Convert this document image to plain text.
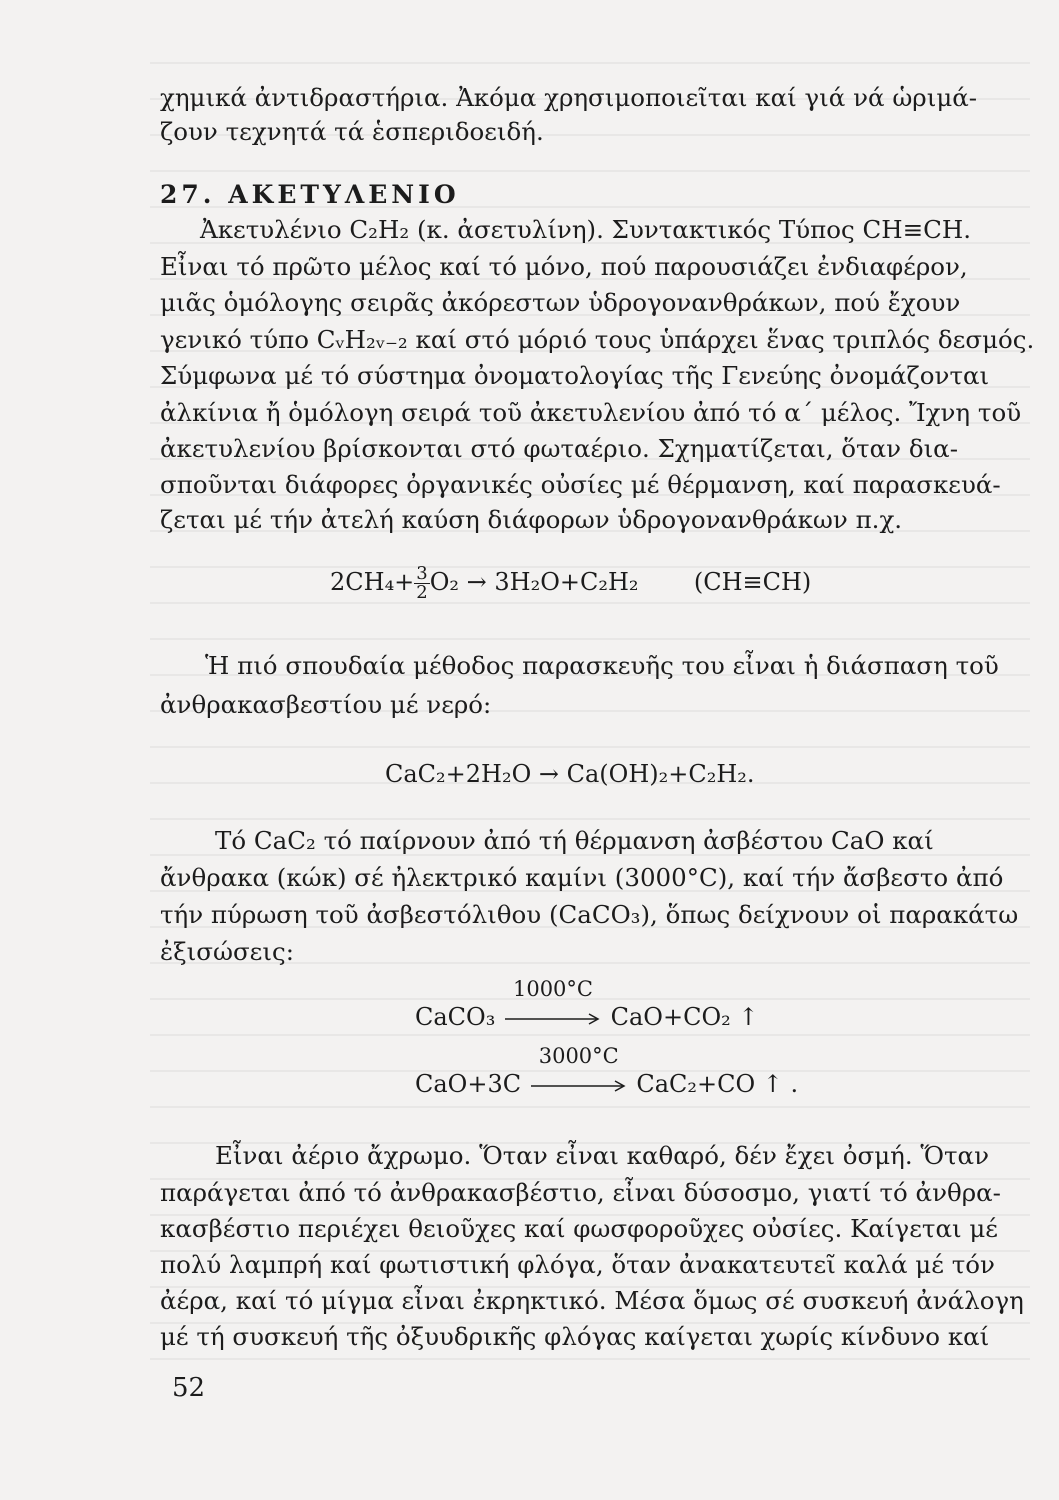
χημικά ἀντιδραστήρια. Ἀκόμα χρησιμοποιεῖται καί γιά νά ὡριμά-
ζουν τεχνητά τά ἑσπεριδοειδή.
27. ΑΚΕΤΥΛΕΝΙΟ
Ἀκετυλένιο C₂H₂ (κ. ἀσετυλίνη). Συντακτικός Τύπος CH≡CH.
Εἶναι τό πρῶτο μέλος καί τό μόνο, πού παρουσιάζει ἐνδιαφέρον,
μιᾶς ὁμόλογης σειρᾶς ἀκόρεστων ὑδρογονανθράκων, πού ἔχουν
γενικό τύπο CᵥH₂ᵥ₋₂ καί στό μόριό τους ὑπάρχει ἕνας τριπλός δεσμός.
Σύμφωνα μέ τό σύστημα ὀνοματολογίας τῆς Γενεύης ὀνομάζονται
ἀλκίνια ἤ ὁμόλογη σειρά τοῦ ἀκετυλενίου ἀπό τό α΄ μέλος. Ἴχνη τοῦ
ἀκετυλενίου βρίσκονται στό φωταέριο. Σχηματίζεται, ὅταν δια-
σποῦνται διάφορες ὀργανικές οὐσίες μέ θέρμανση, καί παρασκευά-
ζεται μέ τήν ἀτελή καύση διάφορων ὑδρογονανθράκων π.χ.
$2CH_4+ \frac{3}{2} O_2 \to 3H_2O+C_2H_2$ (CH≡CH)
Ἡ πιό σπουδαία μέθοδος παρασκευῆς του εἶναι ἡ διάσπαση τοῦ
ἀνθρακασβεστίου μέ νερό:
CaC₂+2H₂O → Ca(OH)₂+C₂H₂.
Τό CaC₂ τό παίρνουν ἀπό τή θέρμανση ἀσβέστου CaO καί
ἄνθρακα (κώκ) σέ ἠλεκτρικό καμίνι (3000°C), καί τήν ἄσβεστο ἀπό
τήν πύρωση τοῦ ἀσβεστόλιθου (CaCO₃), ὅπως δείχνουν οἱ παρακάτω
ἐξισώσεις:
CaCO₃
1000°C
CaO+CO₂ ↑
CaO+3C
3000°C
CaC₂+CO ↑ .
Εἶναι ἀέριο ἄχρωμο. Ὅταν εἶναι καθαρό, δέν ἔχει ὀσμή. Ὅταν
παράγεται ἀπό τό ἀνθρακασβέστιο, εἶναι δύσοσμο, γιατί τό ἀνθρα-
κασβέστιο περιέχει θειοῦχες καί φωσφοροῦχες οὐσίες. Καίγεται μέ
πολύ λαμπρή καί φωτιστική φλόγα, ὅταν ἀνακατευτεῖ καλά μέ τόν
ἀέρα, καί τό μίγμα εἶναι ἐκρηκτικό. Μέσα ὅμως σέ συσκευή ἀνάλογη
μέ τή συσκευή τῆς ὀξυυδρικῆς φλόγας καίγεται χωρίς κίνδυνο καί
52
